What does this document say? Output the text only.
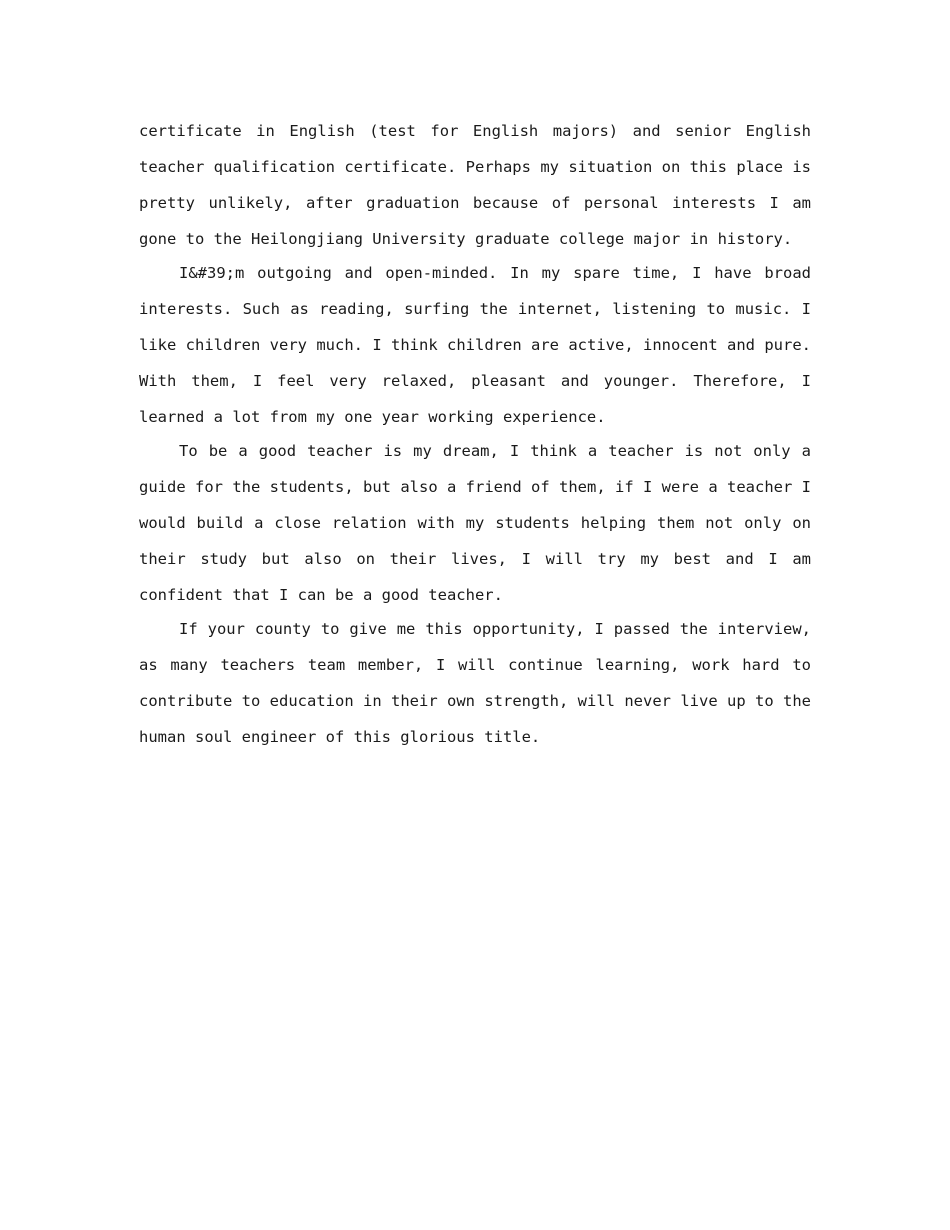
certificate in English (test for English majors) and senior English teacher qualification certificate. Perhaps my situation on this place is pretty unlikely, after graduation because of personal interests I am gone to the Heilongjiang University graduate college major in history.

I&#39;m outgoing and open-minded. In my spare time, I have broad interests. Such as reading, surfing the internet, listening to music. I like children very much. I think children are active, innocent and pure. With them, I feel very relaxed, pleasant and younger. Therefore, I learned a lot from my one year working experience.

To be a good teacher is my dream, I think a teacher is not only a guide for the students, but also a friend of them, if I were a teacher I would build a close relation with my students helping them not only on their study but also on their lives, I will try my best and I am confident that I can be a good teacher.

If your county to give me this opportunity, I passed the interview, as many teachers team member, I will continue learning, work hard to contribute to education in their own strength, will never live up to the human soul engineer of this glorious title.
